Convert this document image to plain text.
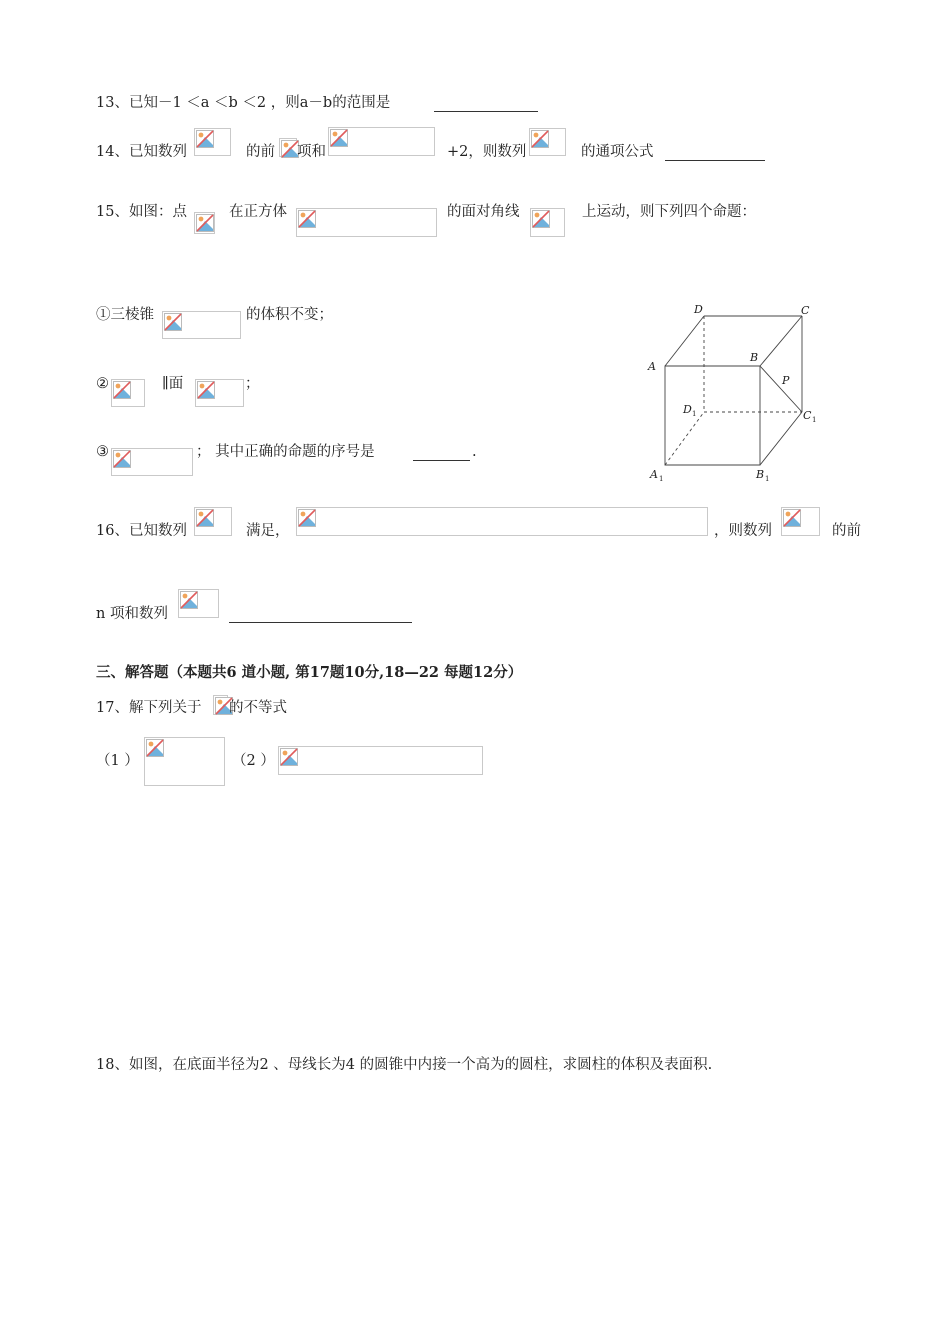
13、已知－1 ＜a ＜b ＜2 ，则a－b的范围是
14、已知数列	的前 项和	+2，则数列	的通项公式
15、如图：点	在正方体	的面对角线	上运动，则下列四个命题：
①三棱锥	的体积不变；
②	∥面	；
③	； 其中正确的命题的序号是	.
D	C
A
B
P
D 1	C 1
A 1	B 1
16、已知数列	满足，	，则数列	的前
n 项和数列
三、解答题（本题共6 道小题, 第17题10分,18—22 每题12分）
17、解下列关于 的不等式
（1 ）	（2 ）
18、如图，在底面半径为2 、母线长为4 的圆锥中内接一个高为的圆柱，求圆柱的体积及表面积.
